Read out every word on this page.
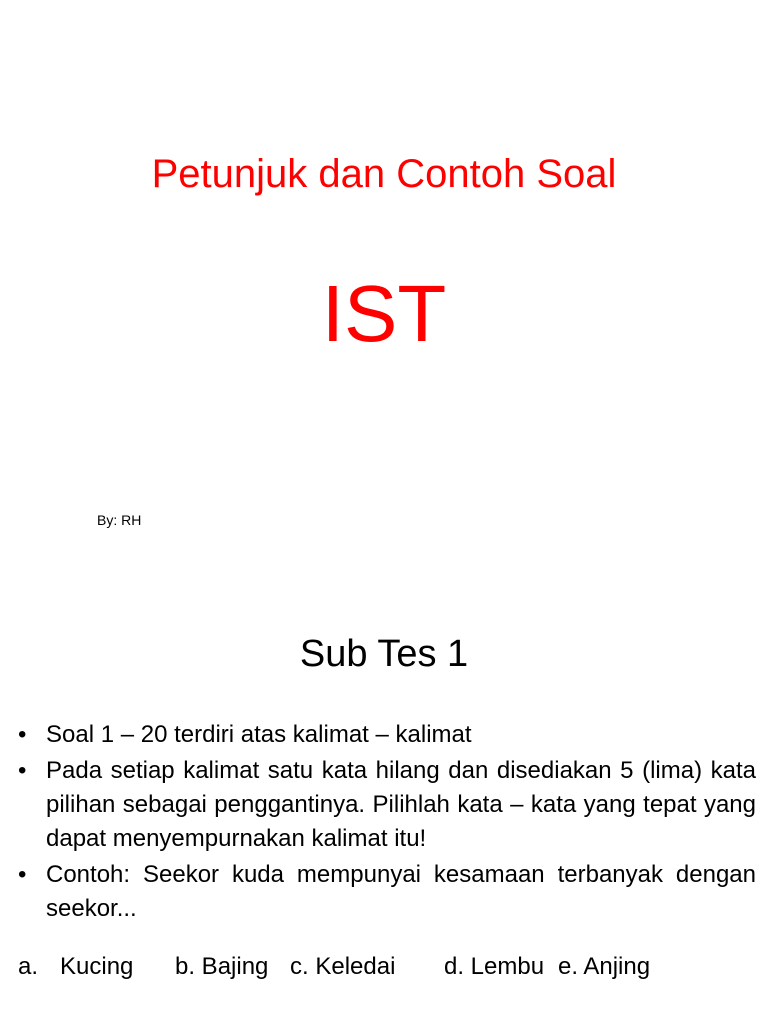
Petunjuk dan Contoh Soal
IST
By: RH
Sub Tes 1
• Soal 1 – 20 terdiri atas kalimat – kalimat
• Pada setiap kalimat satu kata hilang dan disediakan 5 (lima) kata pilihan sebagai penggantinya. Pilihlah kata – kata yang tepat yang dapat menyempurnakan kalimat itu!
• Contoh: Seekor kuda mempunyai kesamaan terbanyak dengan seekor...
a. Kucing b. Bajing c. Keledai d. Lembu e. Anjing
